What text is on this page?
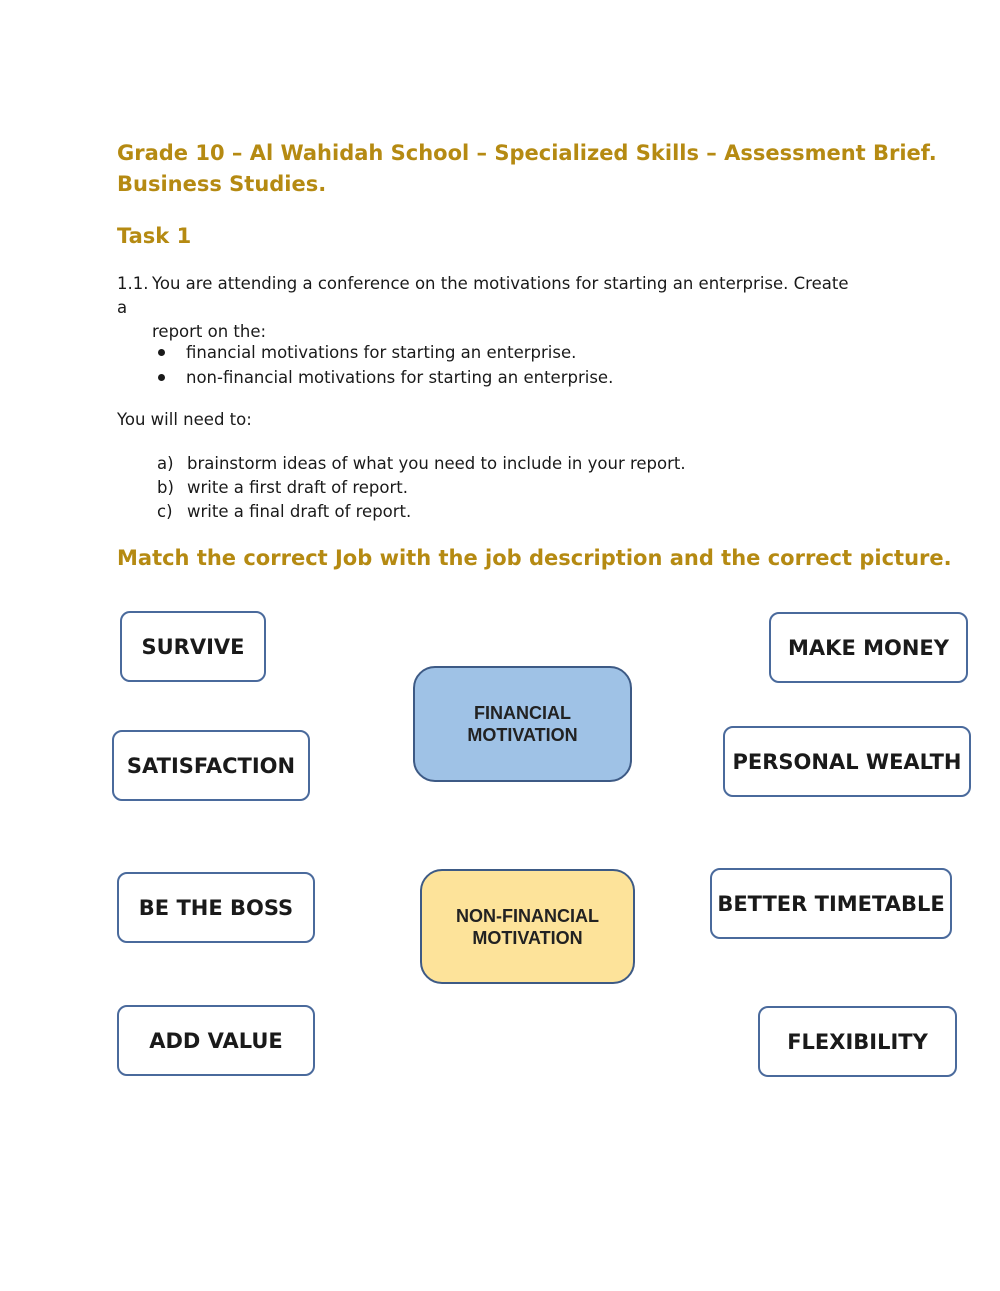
Grade 10 – Al Wahidah School – Specialized Skills – Assessment Brief.
Business Studies.
Task 1
1.1. You are attending a conference on the motivations for starting an enterprise. Create a
report on the:
financial motivations for starting an enterprise.
non-financial motivations for starting an enterprise.
You will need to:
a) brainstorm ideas of what you need to include in your report.
b) write a first draft of report.
c) write a final draft of report.
Match the correct Job with the job description and the correct picture.
FINANCIAL
MOTIVATION
NON-FINANCIAL
MOTIVATION
SURVIVE
SATISFACTION
BE THE BOSS
ADD VALUE
MAKE MONEY
PERSONAL WEALTH
BETTER TIMETABLE
FLEXIBILITY
